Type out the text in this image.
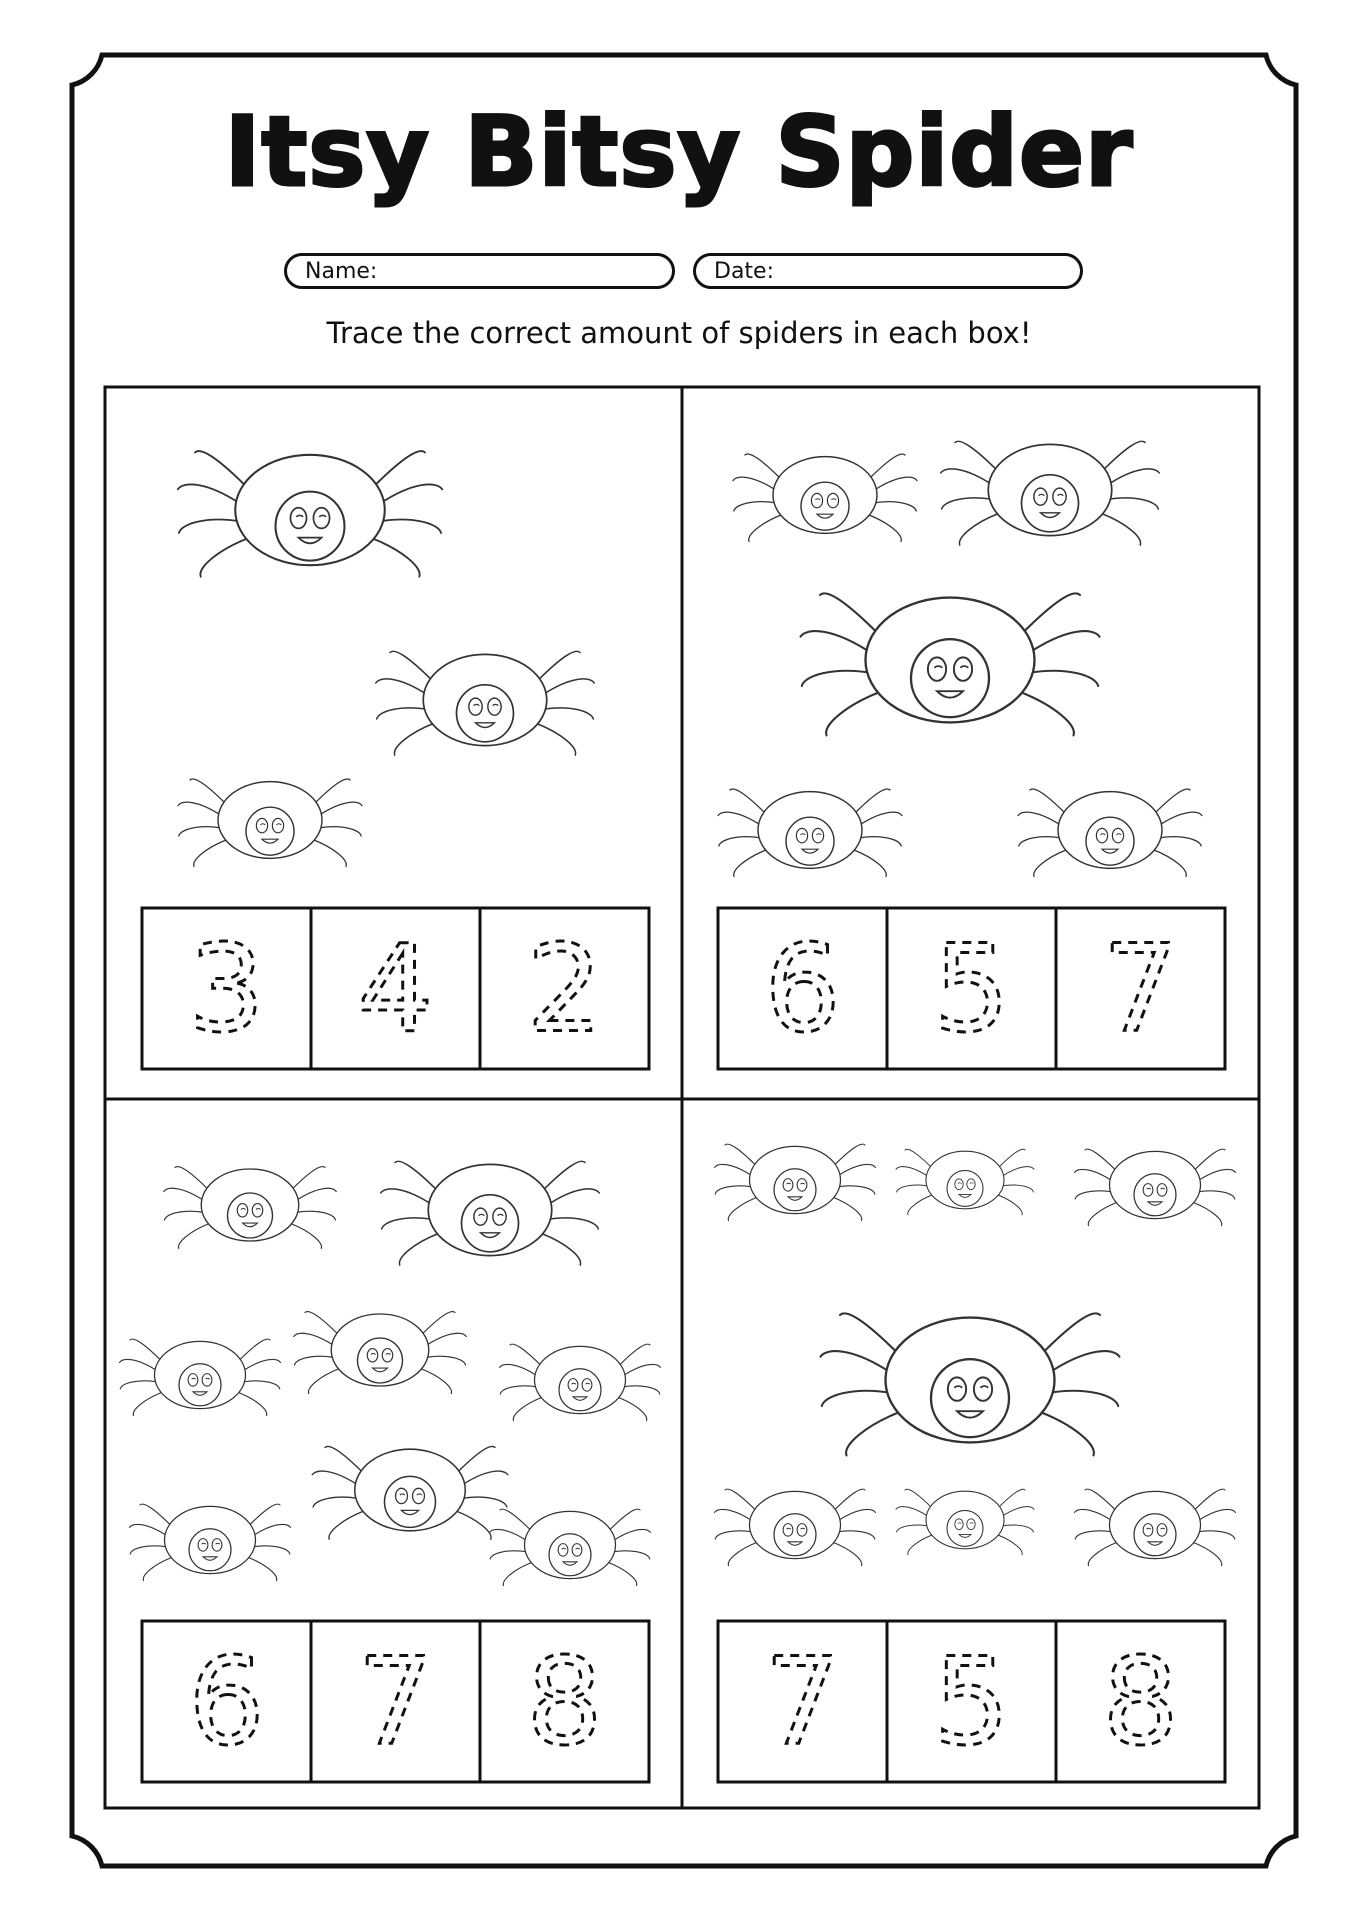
Itsy Bitsy Spider
Name:	Date:
Trace the correct amount of spiders in each box!
3 4 2 6 5 7
6 7 8 7 5 8
